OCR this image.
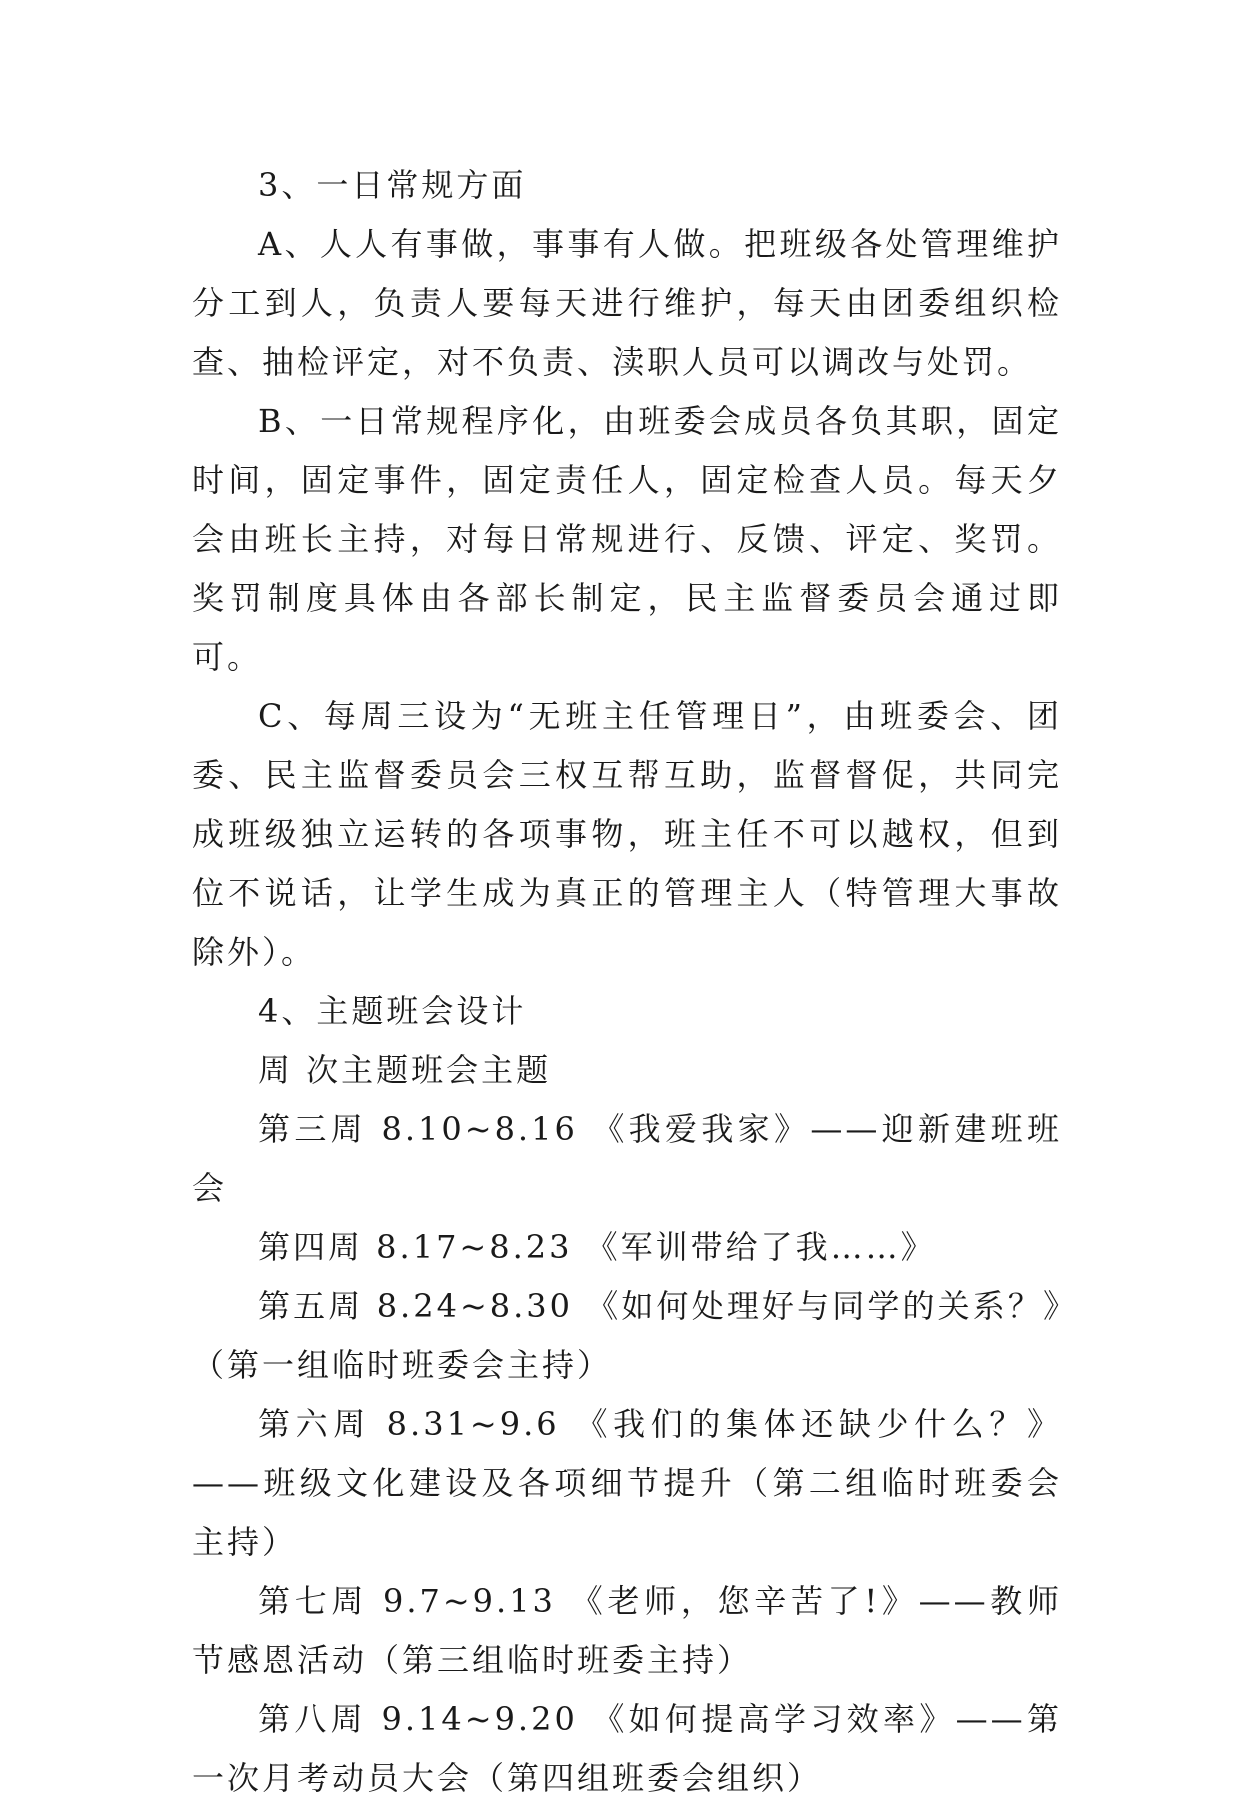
3、一日常规方面

A、人人有事做，事事有人做。把班级各处管理维护分工到人，负责人要每天进行维护，每天由团委组织检查、抽检评定，对不负责、渎职人员可以调改与处罚。

B、一日常规程序化，由班委会成员各负其职，固定时间，固定事件，固定责任人，固定检查人员。每天夕会由班长主持，对每日常规进行、反馈、评定、奖罚。奖罚制度具体由各部长制定，民主监督委员会通过即可。

C、每周三设为“无班主任管理日”，由班委会、团委、民主监督委员会三权互帮互助，监督督促，共同完成班级独立运转的各项事物，班主任不可以越权，但到位不说话，让学生成为真正的管理主人（特管理大事故除外）。

4、主题班会设计

周 次主题班会主题

第三周 8.10~8.16 《我爱我家》——迎新建班班会

第四周 8.17~8.23 《军训带给了我……》

第五周 8.24~8.30 《如何处理好与同学的关系？》（第一组临时班委会主持）

第六周 8.31~9.6 《我们的集体还缺少什么？》——班级文化建设及各项细节提升（第二组临时班委会主持）

第七周 9.7~9.13 《老师，您辛苦了!》——教师节感恩活动（第三组临时班委主持）

第八周 9.14~9.20 《如何提高学习效率》——第一次月考动员大会（第四组班委会组织）
